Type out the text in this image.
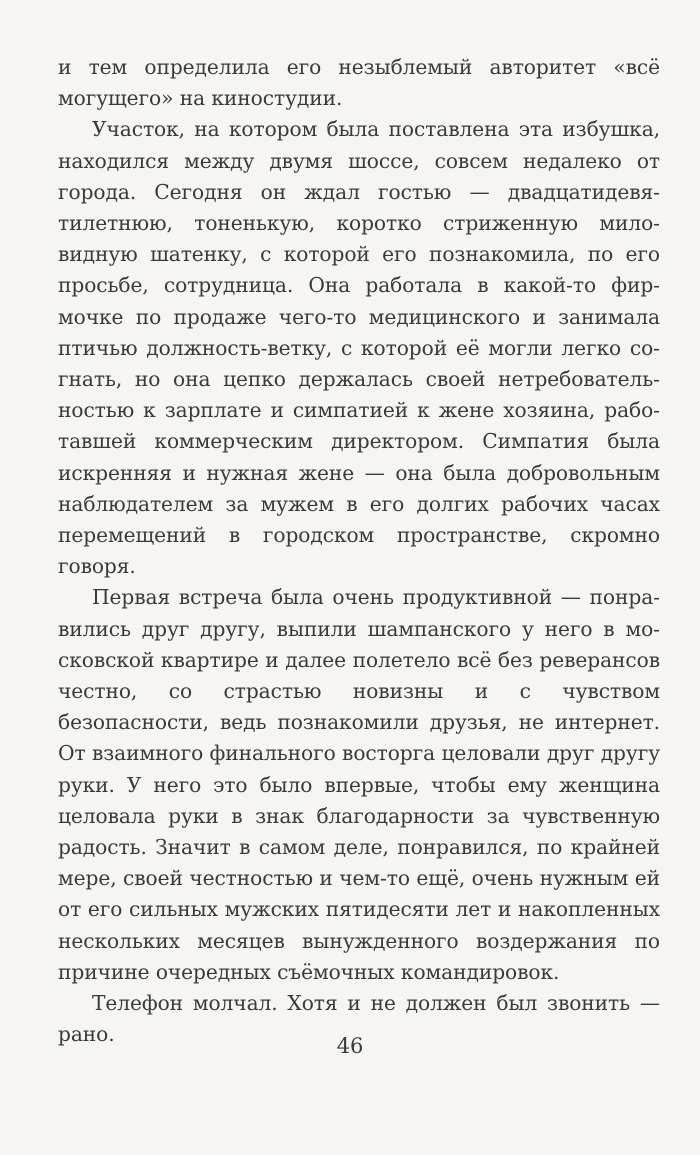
и тем определила его незыблемый авторитет «всё могущего» на киностудии.

Участок, на котором была поставлена эта избушка, находился между двумя шоссе, совсем недалеко от города. Сегодня он ждал гостью — двадцатидевятилетнюю, тоненькую, коротко стриженную миловидную шатенку, с которой его познакомила, по его просьбе, сотрудница. Она работала в какой-то фирмочке по продаже чего-то медицинского и занимала птичью должность-ветку, с которой её могли легко согнать, но она цепко держалась своей нетребовательностью к зарплате и симпатией к жене хозяина, работавшей коммерческим директором. Симпатия была искренняя и нужная жене — она была добровольным наблюдателем за мужем в его долгих рабочих часах перемещений в городском пространстве, скромно говоря.

Первая встреча была очень продуктивной — понравились друг другу, выпили шампанского у него в московской квартире и далее полетело всё без реверансов честно, со страстью новизны и с чувством безопасности, ведь познакомили друзья, не интернет. От взаимного финального восторга целовали друг другу руки. У него это было впервые, чтобы ему женщина целовала руки в знак благодарности за чувственную радость. Значит в самом деле, понравился, по крайней мере, своей честностью и чем-то ещё, очень нужным ей от его сильных мужских пятидесяти лет и накопленных нескольких месяцев вынужденного воздержания по причине очередных съёмочных командировок.

Телефон молчал. Хотя и не должен был звонить — рано.	46
